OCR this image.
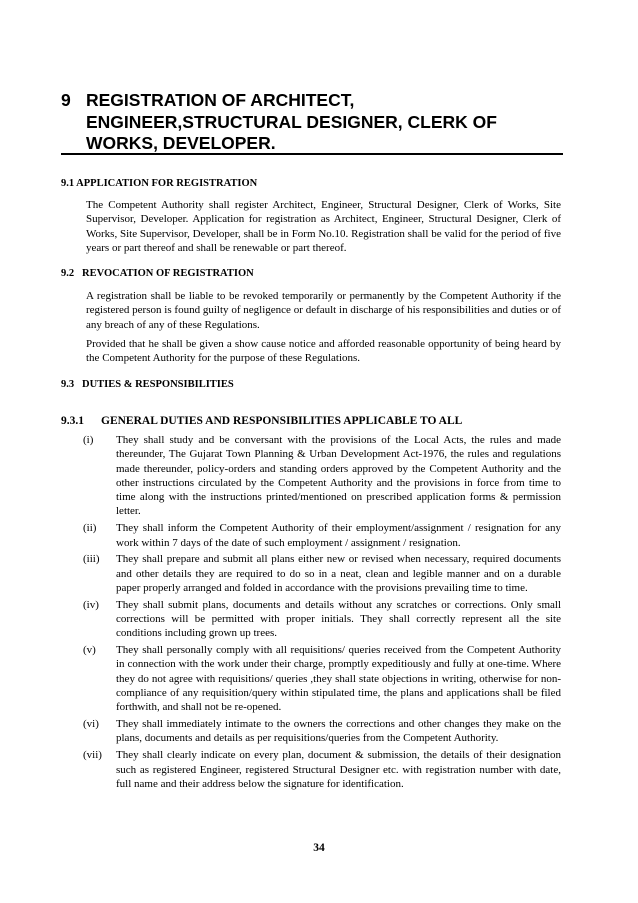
9 REGISTRATION OF ARCHITECT, ENGINEER,STRUCTURAL DESIGNER, CLERK OF WORKS, DEVELOPER.
9.1 APPLICATION FOR REGISTRATION

The Competent Authority shall register Architect, Engineer, Structural Designer, Clerk of Works, Site Supervisor, Developer. Application for registration as Architect, Engineer, Structural Designer, Clerk of Works, Site Supervisor, Developer, shall be in Form No.10. Registration shall be valid for the period of five years or part thereof and shall be renewable or part thereof.

9.2   REVOCATION OF REGISTRATION

A registration shall be liable to be revoked temporarily or permanently by the Competent Authority if the registered person is found guilty of negligence or default in discharge of his responsibilities and duties or of any breach of any of these Regulations.

Provided that he shall be given a show cause notice and afforded reasonable opportunity of being heard by the Competent Authority for the purpose of these Regulations.

9.3   DUTIES & RESPONSIBILITIES
9.3.1 GENERAL DUTIES AND RESPONSIBILITIES APPLICABLE TO ALL
(i) They shall study and be conversant with the provisions of the Local Acts, the rules and made thereunder, The Gujarat Town Planning & Urban Development Act-1976, the rules and regulations made thereunder, policy-orders and standing orders approved by the Competent Authority and the other instructions circulated by the Competent Authority and the provisions in force from time to time along with the instructions printed/mentioned on prescribed application forms & permission letter.
(ii) They shall inform the Competent Authority of their employment/assignment / resignation for any work within 7 days of the date of such employment / assignment / resignation.
(iii) They shall prepare and submit all plans either new or revised when necessary, required documents and other details they are required to do so in a neat, clean and legible manner and on a durable paper properly arranged and folded in accordance with the provisions prevailing time to time.
(iv) They shall submit plans, documents and details without any scratches or corrections. Only small corrections will be permitted with proper initials. They shall correctly represent all the site conditions including grown up trees.
(v) They shall personally comply with all requisitions/ queries received from the Competent Authority in connection with the work under their charge, promptly expeditiously and fully at one-time. Where they do not agree with requisitions/ queries ,they shall state objections in writing, otherwise for non-compliance of any requisition/query within stipulated time, the plans and applications shall be filed forthwith, and shall not be re-opened.
(vi) They shall immediately intimate to the owners the corrections and other changes they make on the plans, documents and details as per requisitions/queries from the Competent Authority.
(vii) They shall clearly indicate on every plan, document & submission, the details of their designation such as registered Engineer, registered Structural Designer etc. with registration number with date, full name and their address below the signature for identification.
34
